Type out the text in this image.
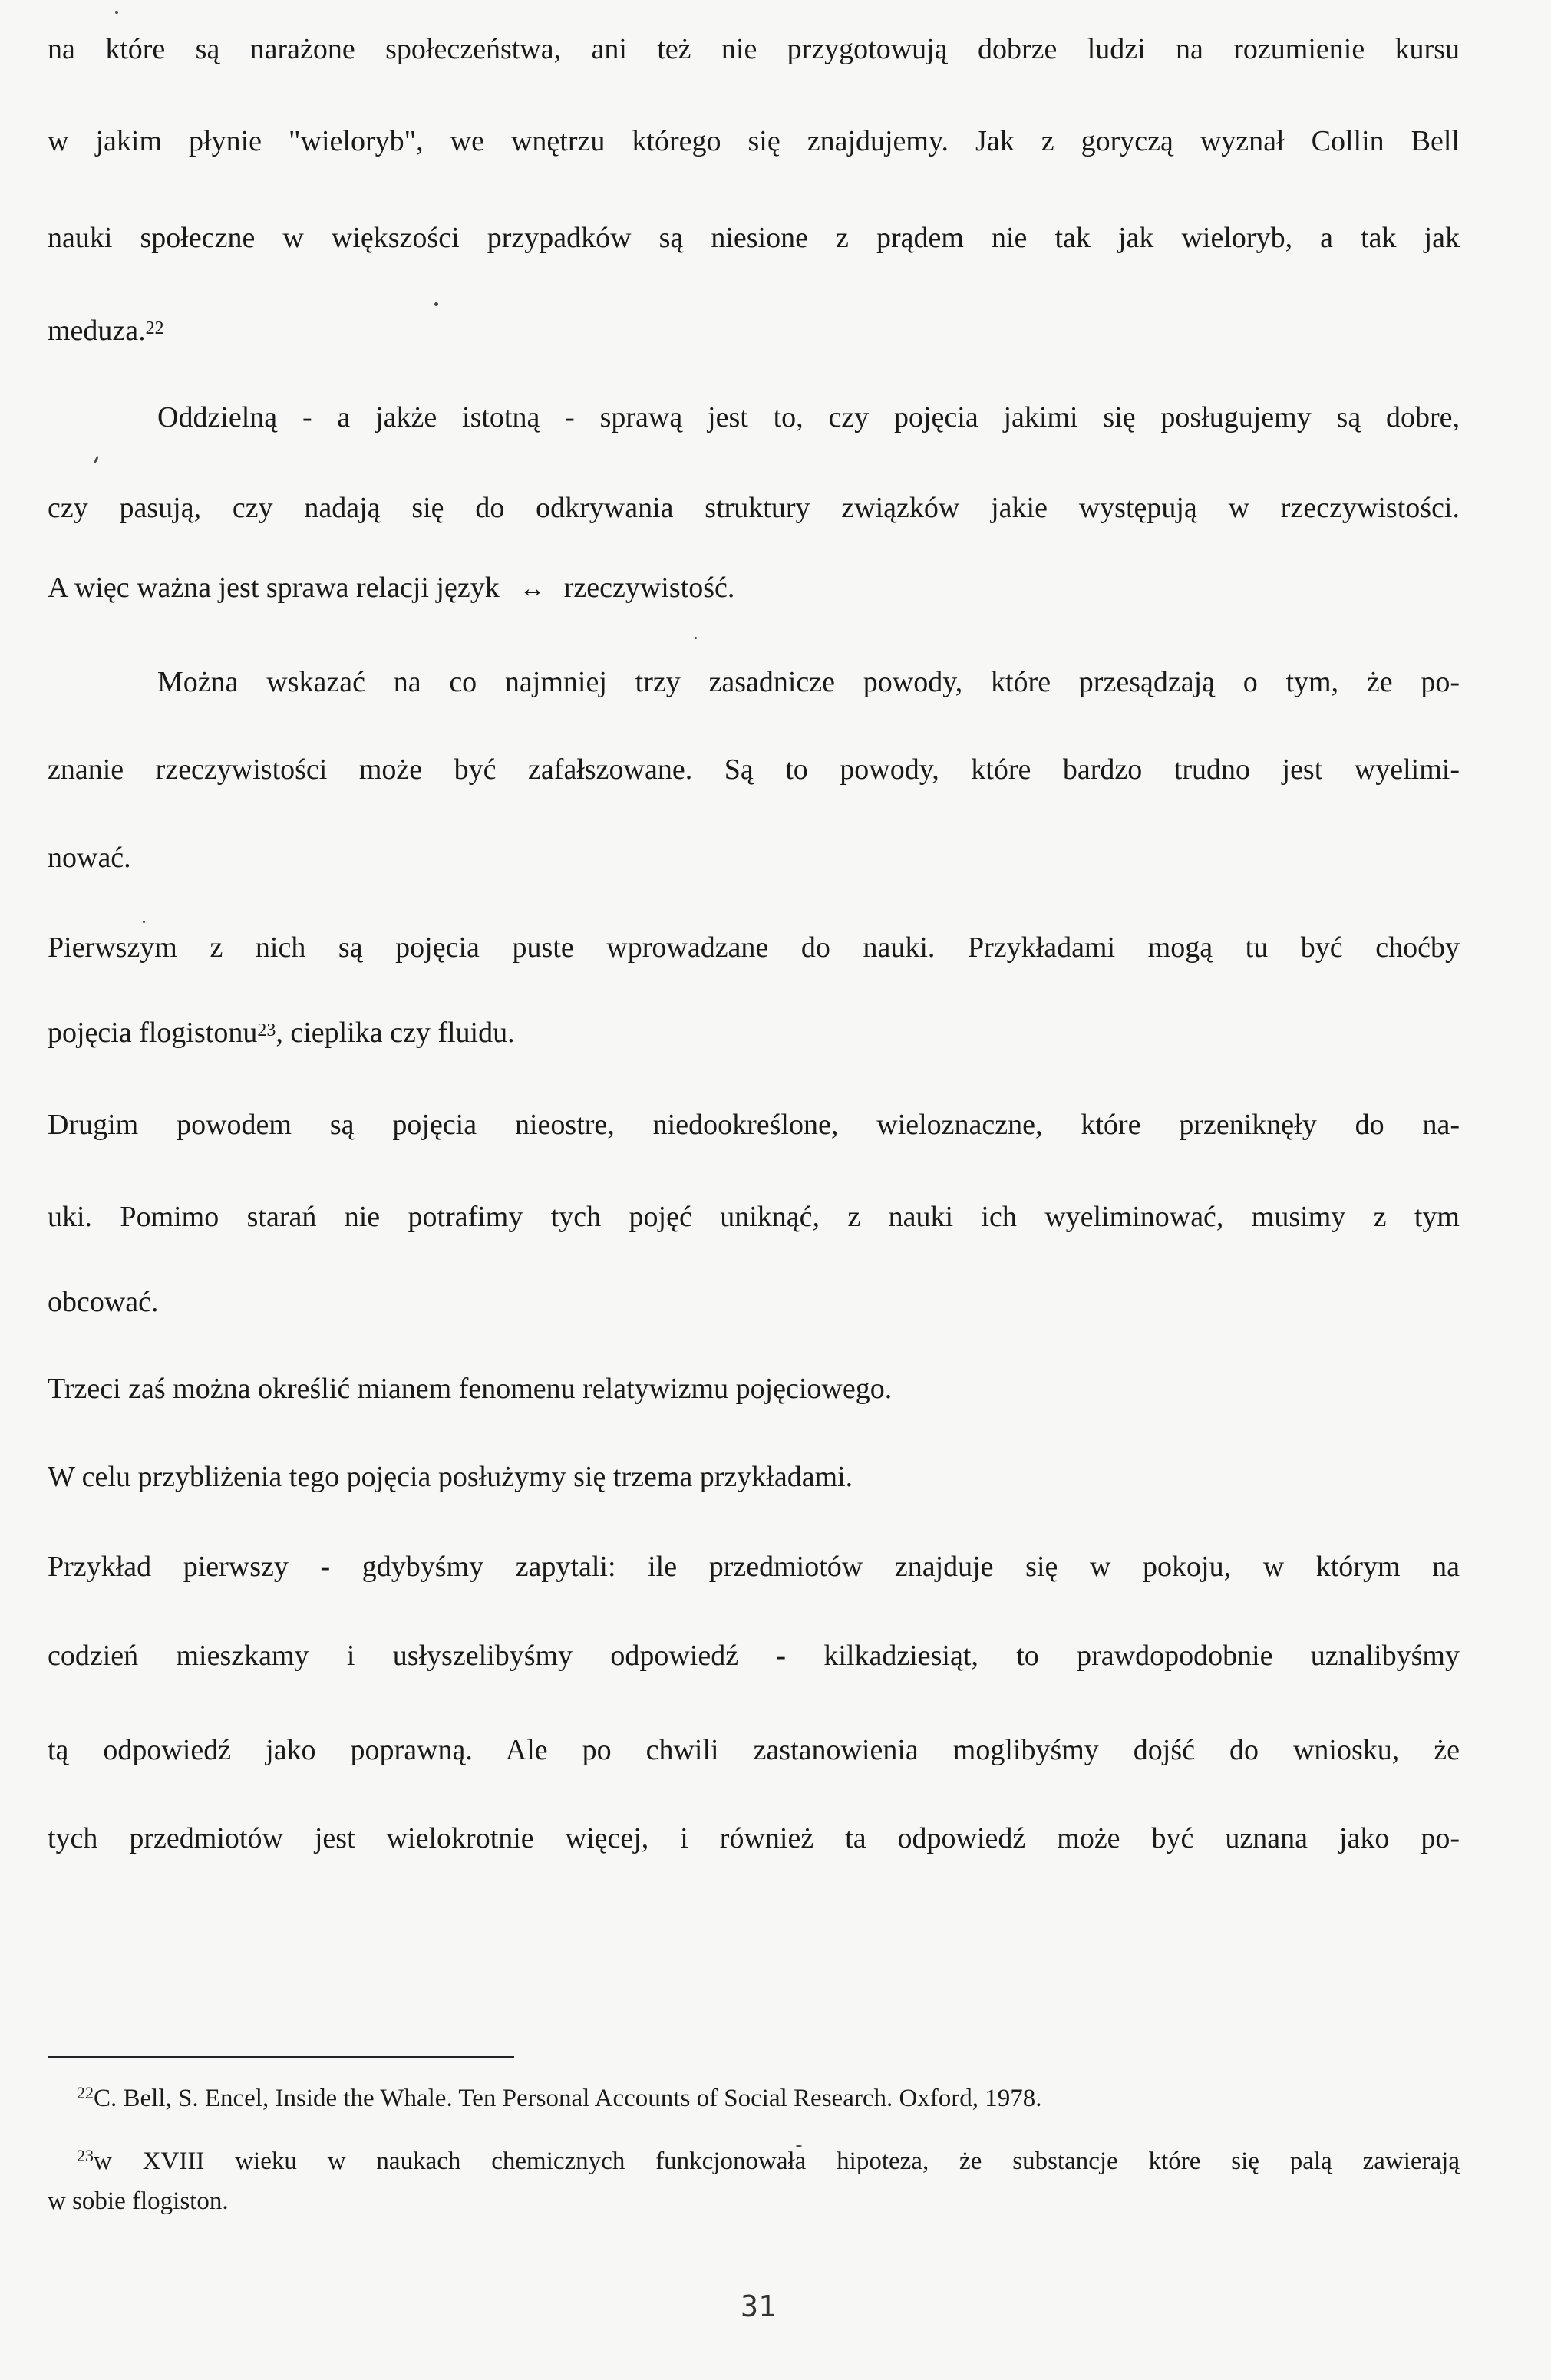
na które są narażone społeczeństwa, ani też nie przygotowują dobrze ludzi na rozumienie kursu
w jakim płynie "wieloryb", we wnętrzu którego się znajdujemy. Jak z goryczą wyznał Collin Bell
nauki społeczne w większości przypadków są niesione z prądem nie tak jak wieloryb, a tak jak
meduza.$^{22}$
Oddzielną - a jakże istotną - sprawą jest to, czy pojęcia jakimi się posługujemy są dobre,
czy pasują, czy nadają się do odkrywania struktury związków jakie występują w rzeczywistości.
A więc ważna jest sprawa relacji język ↔ rzeczywistość.
Można wskazać na co najmniej trzy zasadnicze powody, które przesądzają o tym, że po-
znanie rzeczywistości może być zafałszowane. Są to powody, które bardzo trudno jest wyelimi-
nować.
Pierwszym z nich są pojęcia puste wprowadzane do nauki. Przykładami mogą tu być choćby
pojęcia flogistonu$^{23}$, cieplika czy fluidu.
Drugim powodem są pojęcia nieostre, niedookreślone, wieloznaczne, które przeniknęły do na-
uki. Pomimo starań nie potrafimy tych pojęć uniknąć, z nauki ich wyeliminować, musimy z tym
obcować.
Trzeci zaś można określić mianem fenomenu relatywizmu pojęciowego.
W celu przybliżenia tego pojęcia posłużymy się trzema przykładami.
Przykład pierwszy - gdybyśmy zapytali: ile przedmiotów znajduje się w pokoju, w którym na
codzień mieszkamy i usłyszelibyśmy odpowiedź - kilkadziesiąt, to prawdopodobnie uznalibyśmy
tą odpowiedź jako poprawną. Ale po chwili zastanowienia moglibyśmy dojść do wniosku, że
tych przedmiotów jest wielokrotnie więcej, i również ta odpowiedź może być uznana jako po-
$^{22}$C. Bell, S. Encel, Inside the Whale. Ten Personal Accounts of Social Research. Oxford, 1978.
$^{23}$w XVIII wieku w naukach chemicznych funkcjonowała hipoteza, że substancje które się palą zawierają
w sobie flogiston.
31
